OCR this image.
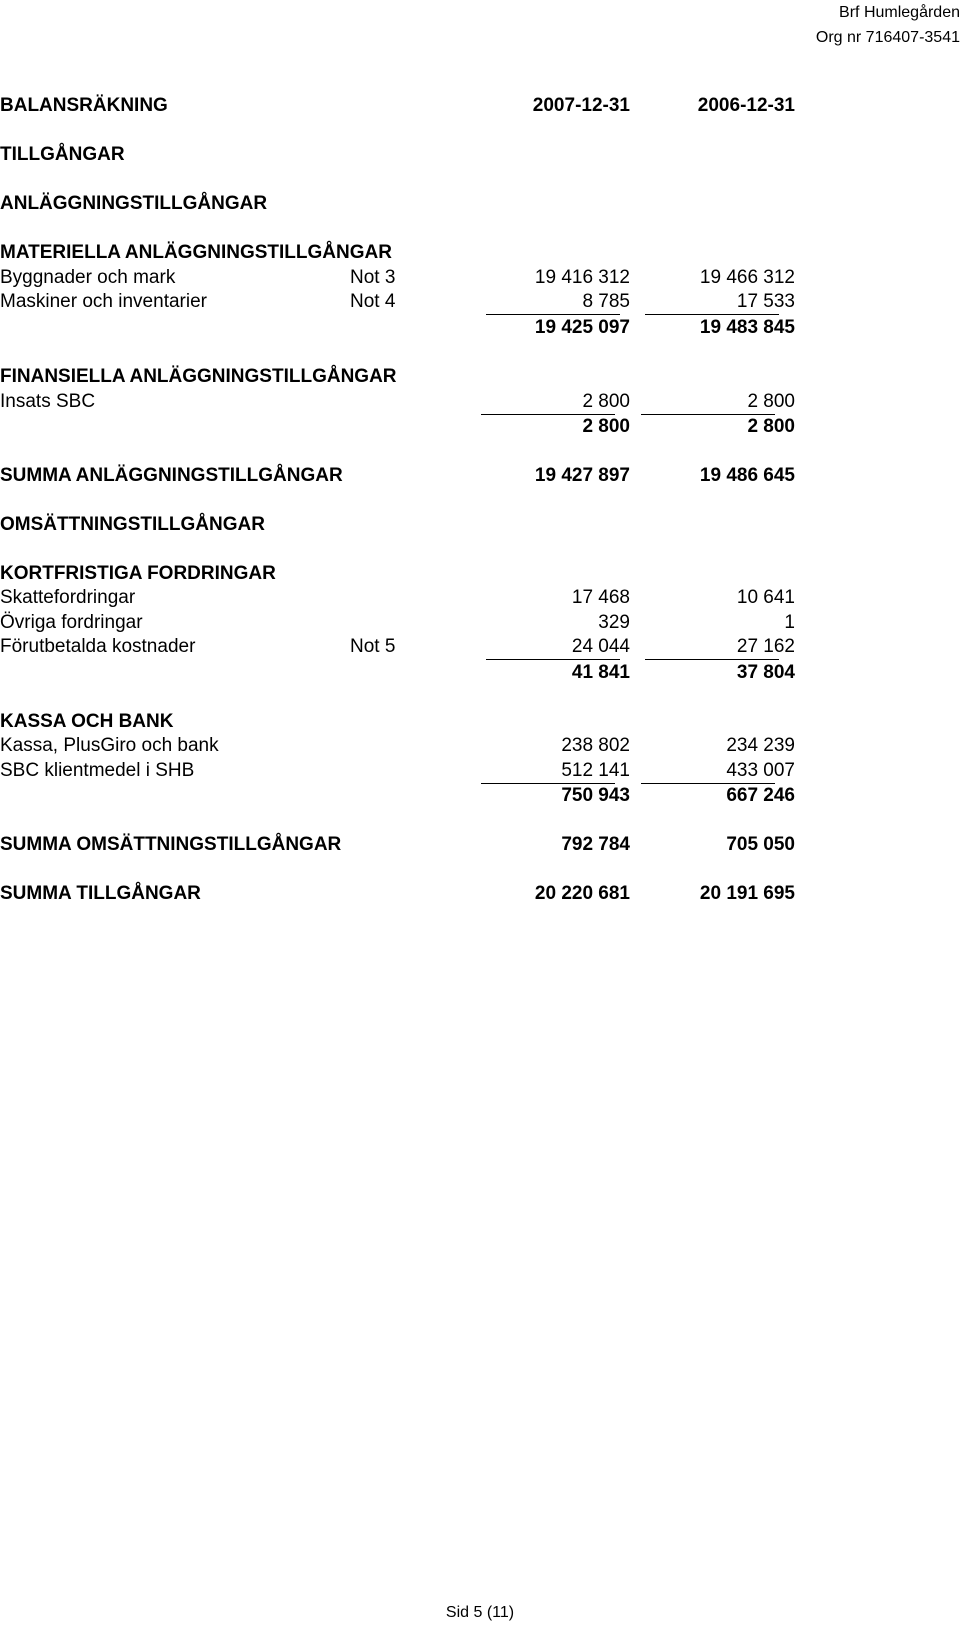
Brf Humlegården
Org nr 716407-3541
BALANSRÄKNING	2007-12-31	2006-12-31
TILLGÅNGAR
ANLÄGGNINGSTILLGÅNGAR
MATERIELLA ANLÄGGNINGSTILLGÅNGAR
Byggnader och mark	Not 3	19 416 312	19 466 312
Maskiner och inventarier	Not 4	8 785	17 533
19 425 097	19 483 845
FINANSIELLA ANLÄGGNINGSTILLGÅNGAR
Insats SBC	2 800	2 800
2 800	2 800
SUMMA ANLÄGGNINGSTILLGÅNGAR	19 427 897	19 486 645
OMSÄTTNINGSTILLGÅNGAR
KORTFRISTIGA FORDRINGAR
Skattefordringar	17 468	10 641
Övriga fordringar	329	1
Förutbetalda kostnader	Not 5	24 044	27 162
41 841	37 804
KASSA OCH BANK
Kassa, PlusGiro och bank	238 802	234 239
SBC klientmedel i SHB	512 141	433 007
750 943	667 246
SUMMA OMSÄTTNINGSTILLGÅNGAR	792 784	705 050
SUMMA TILLGÅNGAR	20 220 681	20 191 695
Sid 5 (11)
